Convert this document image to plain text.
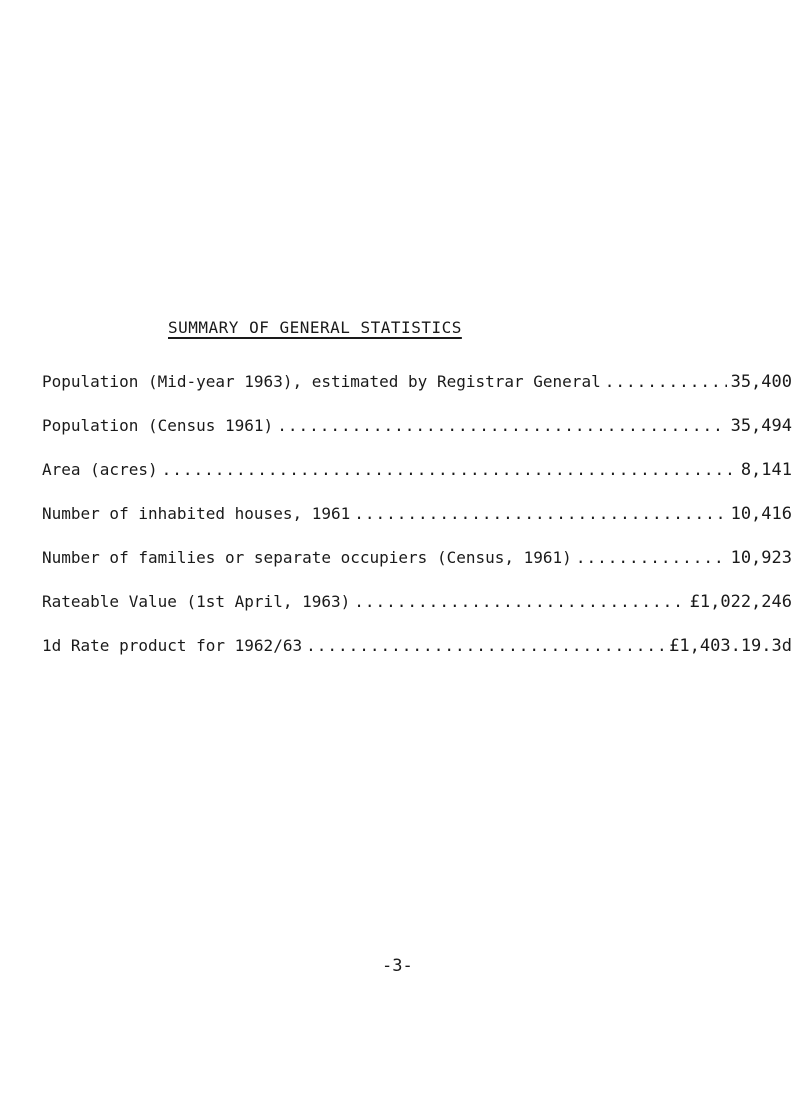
SUMMARY OF GENERAL STATISTICS
Population (Mid-year 1963), estimated by Registrar General .....	35,400
Population (Census 1961) .....	35,494
Area (acres) .....	8,141
Number of inhabited houses, 1961 .....	10,416
Number of families or separate occupiers (Census, 1961) .....	10,923
Rateable Value (1st April, 1963) .....	£1,022,246
1d Rate product for 1962/63 .....	£1,403.19.3d
-3-
